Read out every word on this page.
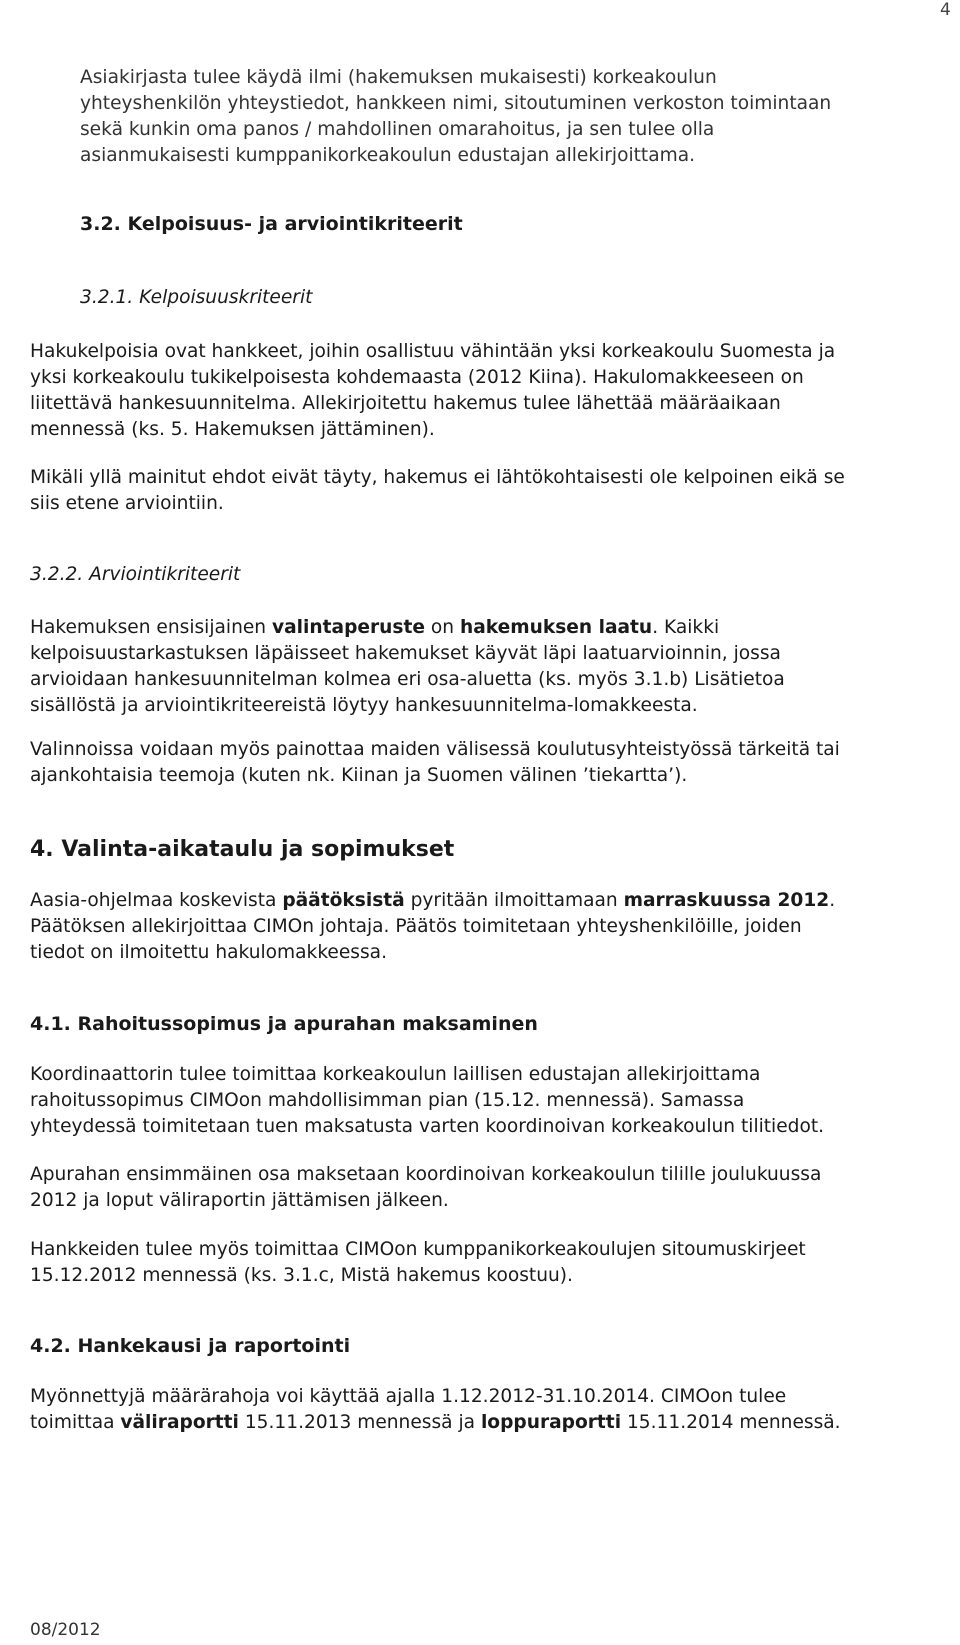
4

Asiakirjasta tulee käydä ilmi (hakemuksen mukaisesti) korkeakoulun
yhteyshenkilön yhteystiedot, hankkeen nimi, sitoutuminen verkoston toimintaan
sekä kunkin oma panos / mahdollinen omarahoitus, ja sen tulee olla
asianmukaisesti kumppanikorkeakoulun edustajan allekirjoittama.

3.2. Kelpoisuus- ja arviointikriteerit
3.2.1. Kelpoisuuskriteerit

Hakukelpoisia ovat hankkeet, joihin osallistuu vähintään yksi korkeakoulu Suomesta ja
yksi korkeakoulu tukikelpoisesta kohdemaasta (2012 Kiina). Hakulomakkeeseen on
liitettävä hankesuunnitelma. Allekirjoitettu hakemus tulee lähettää määräaikaan
mennessä (ks. 5. Hakemuksen jättäminen).

Mikäli yllä mainitut ehdot eivät täyty, hakemus ei lähtökohtaisesti ole kelpoinen eikä se
siis etene arviointiin.

3.2.2. Arviointikriteerit

Hakemuksen ensisijainen valintaperuste on hakemuksen laatu. Kaikki
kelpoisuustarkastuksen läpäisseet hakemukset käyvät läpi laatuarvioinnin, jossa
arvioidaan hankesuunnitelman kolmea eri osa-aluetta (ks. myös 3.1.b) Lisätietoa
sisällöstä ja arviointikriteereistä löytyy hankesuunnitelma-lomakkeesta.

Valinnoissa voidaan myös painottaa maiden välisessä koulutusyhteistyössä tärkeitä tai
ajankohtaisia teemoja (kuten nk. Kiinan ja Suomen välinen ’tiekartta’).

4. Valinta-aikataulu ja sopimukset

Aasia-ohjelmaa koskevista päätöksistä pyritään ilmoittamaan marraskuussa 2012.
Päätöksen allekirjoittaa CIMOn johtaja. Päätös toimitetaan yhteyshenkilöille, joiden
tiedot on ilmoitettu hakulomakkeessa.

4.1. Rahoitussopimus ja apurahan maksaminen

Koordinaattorin tulee toimittaa korkeakoulun laillisen edustajan allekirjoittama
rahoitussopimus CIMOon mahdollisimman pian (15.12. mennessä). Samassa
yhteydessä toimitetaan tuen maksatusta varten koordinoivan korkeakoulun tilitiedot.

Apurahan ensimmäinen osa maksetaan koordinoivan korkeakoulun tilille joulukuussa
2012 ja loput väliraportin jättämisen jälkeen.

Hankkeiden tulee myös toimittaa CIMOon kumppanikorkeakoulujen sitoumuskirjeet
15.12.2012 mennessä (ks. 3.1.c, Mistä hakemus koostuu).

4.2. Hankekausi ja raportointi

Myönnettyjä määrärahoja voi käyttää ajalla 1.12.2012-31.10.2014. CIMOon tulee
toimittaa väliraportti 15.11.2013 mennessä ja loppuraportti 15.11.2014 mennessä.

08/2012
